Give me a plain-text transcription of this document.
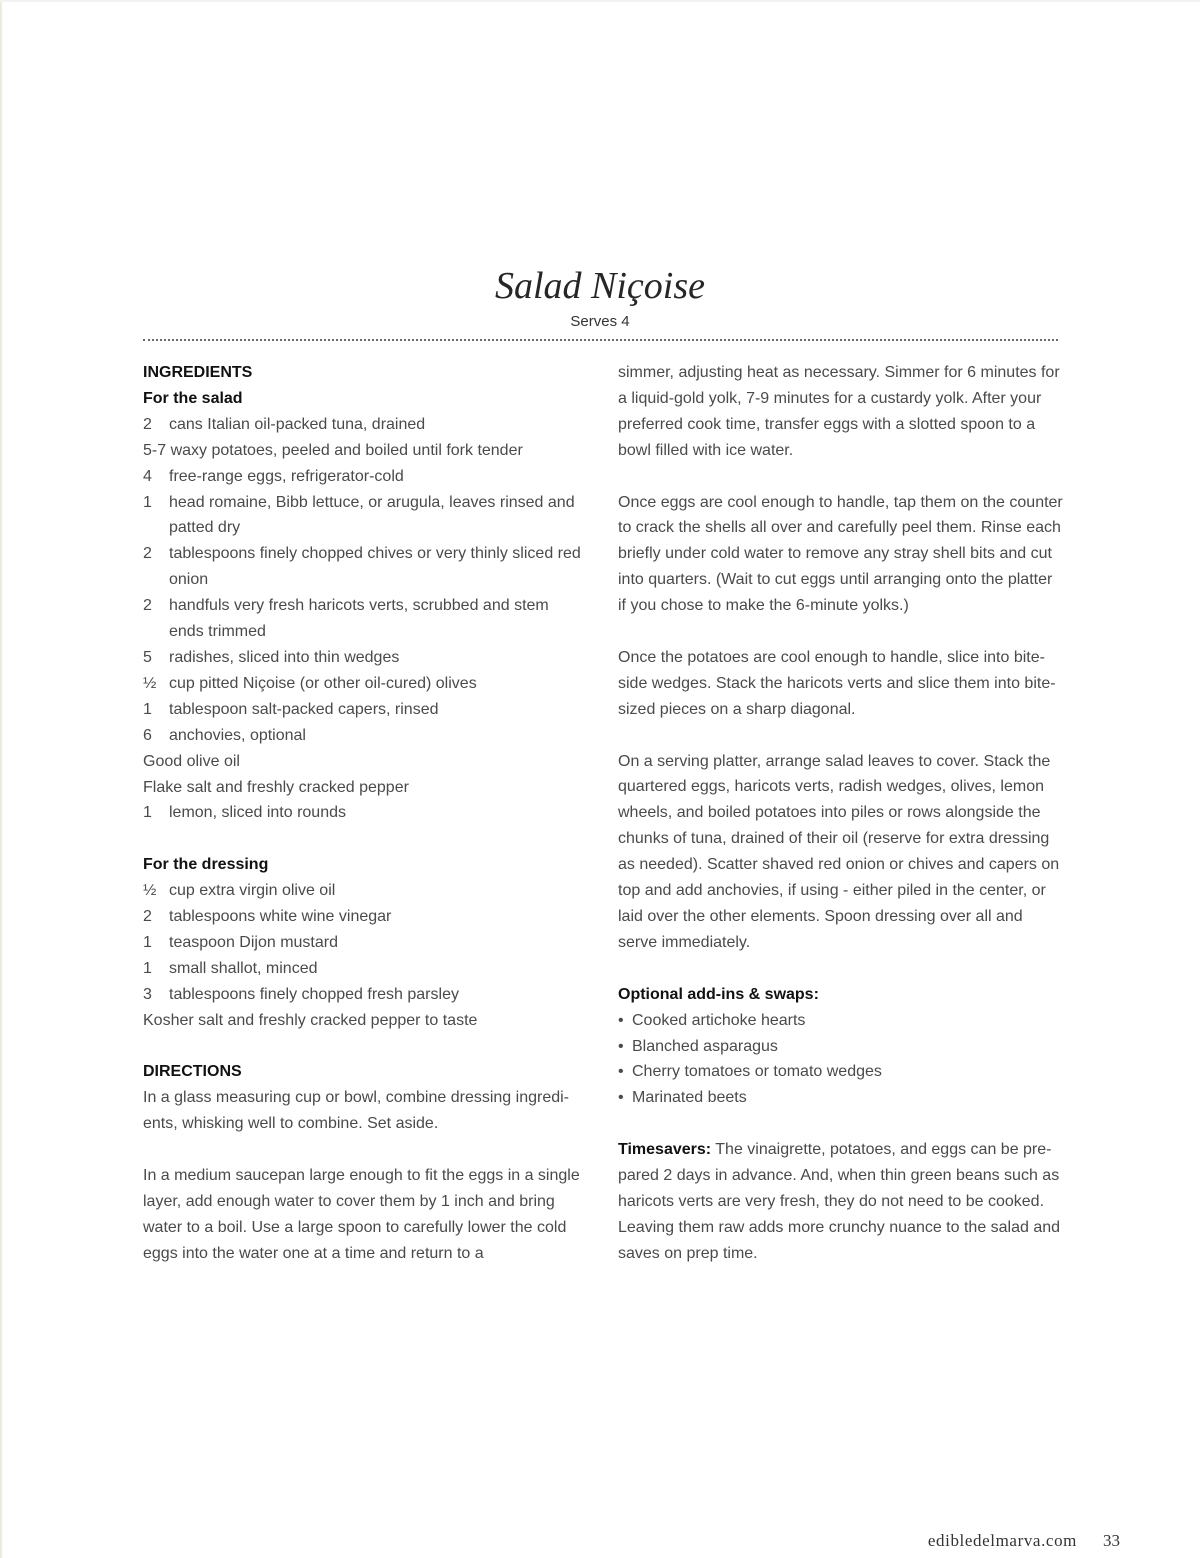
Salad Niçoise
Serves 4
INGREDIENTS
For the salad
2	cans Italian oil-packed tuna, drained
5-7 waxy potatoes, peeled and boiled until fork tender
4	free-range eggs, refrigerator-cold
1	head romaine, Bibb lettuce, or arugula, leaves rinsed and patted dry
2	tablespoons finely chopped chives or very thinly sliced red onion
2	handfuls very fresh haricots verts, scrubbed and stem ends trimmed
5	radishes, sliced into thin wedges
½ cup pitted Niçoise (or other oil-cured) olives
1	tablespoon salt-packed capers, rinsed
6	anchovies, optional
Good olive oil
Flake salt and freshly cracked pepper
1	lemon, sliced into rounds
For the dressing
½ cup extra virgin olive oil
2	tablespoons white wine vinegar
1	teaspoon Dijon mustard
1	small shallot, minced
3	tablespoons finely chopped fresh parsley
Kosher salt and freshly cracked pepper to taste
DIRECTIONS

In a glass measuring cup or bowl, combine dressing ingredi-ents, whisking well to combine. Set aside.

In a medium saucepan large enough to fit the eggs in a single layer, add enough water to cover them by 1 inch and bring water to a boil. Use a large spoon to carefully lower the cold eggs into the water one at a time and return to a

simmer, adjusting heat as necessary. Simmer for 6 minutes for a liquid-gold yolk, 7-9 minutes for a custardy yolk. After your preferred cook time, transfer eggs with a slotted spoon to a bowl filled with ice water.

Once eggs are cool enough to handle, tap them on the counter to crack the shells all over and carefully peel them. Rinse each briefly under cold water to remove any stray shell bits and cut into quarters. (Wait to cut eggs until arranging onto the platter if you chose to make the 6-minute yolks.)

Once the potatoes are cool enough to handle, slice into bite-side wedges. Stack the haricots verts and slice them into bite-sized pieces on a sharp diagonal.

On a serving platter, arrange salad leaves to cover. Stack the quartered eggs, haricots verts, radish wedges, olives, lemon wheels, and boiled potatoes into piles or rows alongside the chunks of tuna, drained of their oil (reserve for extra dressing as needed). Scatter shaved red onion or chives and capers on top and add anchovies, if using - either piled in the center, or laid over the other elements. Spoon dressing over all and serve immediately.

Optional add-ins & swaps:
• Cooked artichoke hearts
• Blanched asparagus
• Cherry tomatoes or tomato wedges
• Marinated beets

Timesavers: The vinaigrette, potatoes, and eggs can be pre-pared 2 days in advance. And, when thin green beans such as haricots verts are very fresh, they do not need to be cooked. Leaving them raw adds more crunchy nuance to the salad and saves on prep time.

edibledelmarva.com 33
